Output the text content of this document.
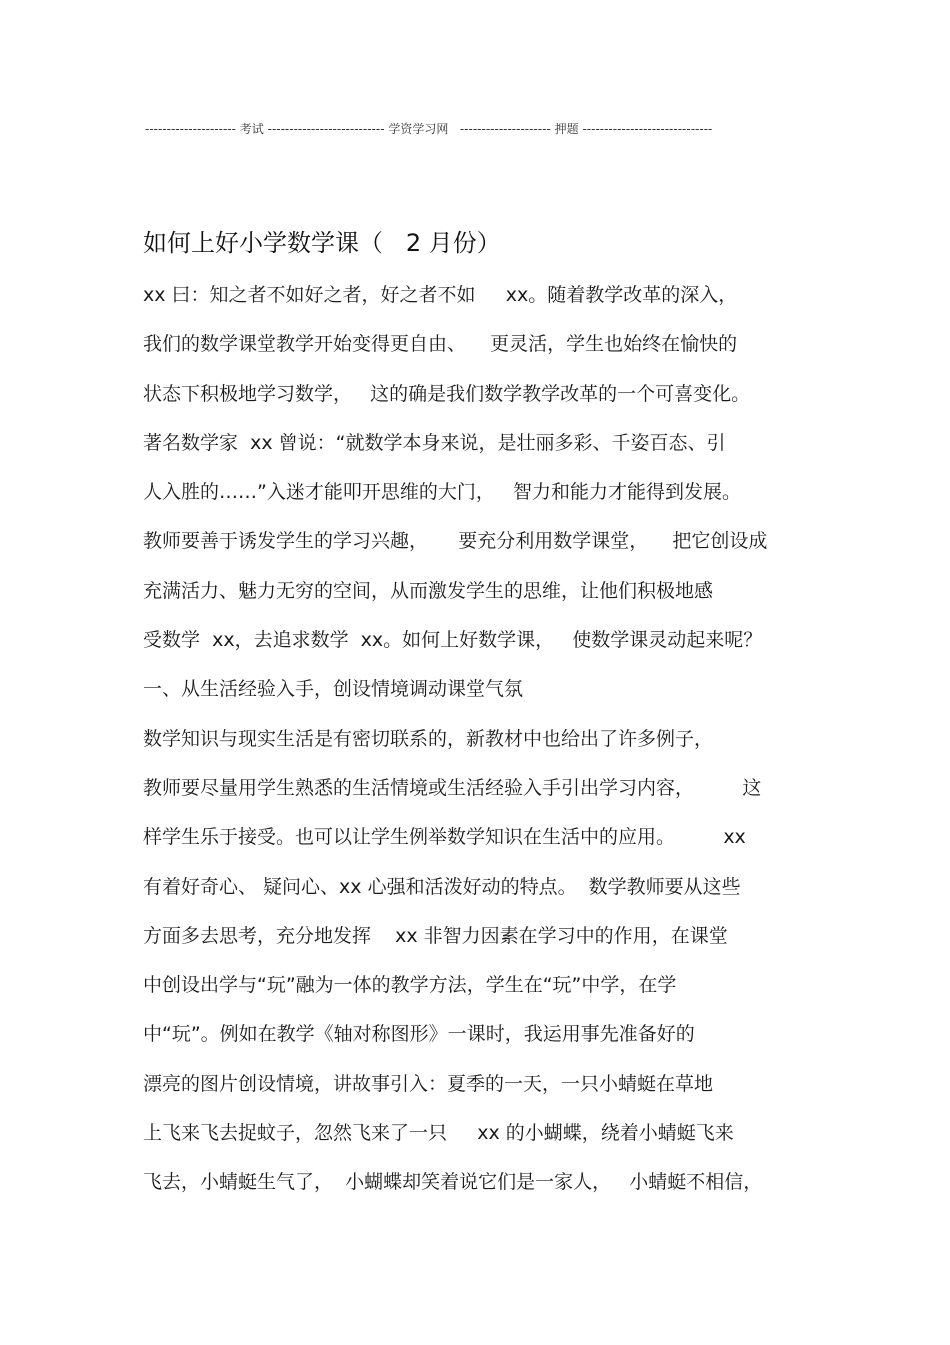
--------------------- 考试 --------------------------- 学资学习网 --------------------- 押题 ------------------------------
如何上好小学数学课（   2 月份）
xx 曰：知之者不如好之者，好之者不如     xx。随着教学改革的深入，
我们的数学课堂教学开始变得更自由、    更灵活，学生也始终在愉快的
状态下积极地学习数学，   这的确是我们数学教学改革的一个可喜变化。
著名数学家  xx 曾说：“就数学本身来说，是壮丽多彩、千姿百态、引
人入胜的……”入迷才能叩开思维的大门，   智力和能力才能得到发展。
教师要善于诱发学生的学习兴趣，     要充分利用数学课堂，    把它创设成
充满活力、魅力无穷的空间，从而激发学生的思维，让他们积极地感
受数学  xx，去追求数学  xx。如何上好数学课，   使数学课灵动起来呢？
一、从生活经验入手，创设情境调动课堂气氛
数学知识与现实生活是有密切联系的，新教材中也给出了许多例子，
教师要尽量用学生熟悉的生活情境或生活经验入手引出学习内容，        这
样学生乐于接受。也可以让学生例举数学知识在生活中的应用。        xx
有着好奇心、 疑问心、xx 心强和活泼好动的特点。  数学教师要从这些
方面多去思考，充分地发挥    xx 非智力因素在学习中的作用，在课堂
中创设出学与“玩”融为一体的教学方法，学生在“玩”中学，在学
中“玩”。例如在教学《轴对称图形》一课时，我运用事先准备好的
漂亮的图片创设情境，讲故事引入：夏季的一天，一只小蜻蜓在草地
上飞来飞去捉蚊子，忽然飞来了一只     xx 的小蝴蝶，绕着小蜻蜓飞来
飞去，小蜻蜓生气了，  小蝴蝶却笑着说它们是一家人，   小蜻蜓不相信，
